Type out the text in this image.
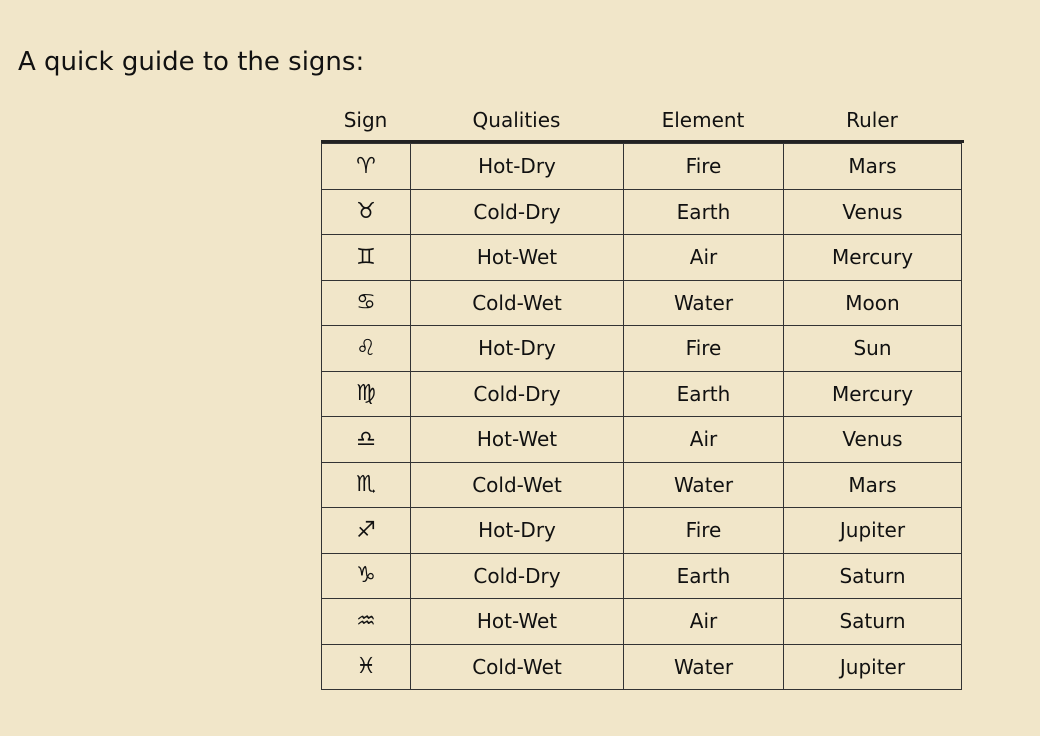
A quick guide to the signs:
Sign	Qualities	Element	Ruler
♈︎	Hot-Dry	Fire	Mars
♉︎	Cold-Dry	Earth	Venus
♊︎	Hot-Wet	Air	Mercury
♋︎	Cold-Wet	Water	Moon
♌︎	Hot-Dry	Fire	Sun
♍︎	Cold-Dry	Earth	Mercury
♎︎	Hot-Wet	Air	Venus
♏︎	Cold-Wet	Water	Mars
♐︎	Hot-Dry	Fire	Jupiter
♑︎	Cold-Dry	Earth	Saturn
♒︎	Hot-Wet	Air	Saturn
♓︎	Cold-Wet	Water	Jupiter
